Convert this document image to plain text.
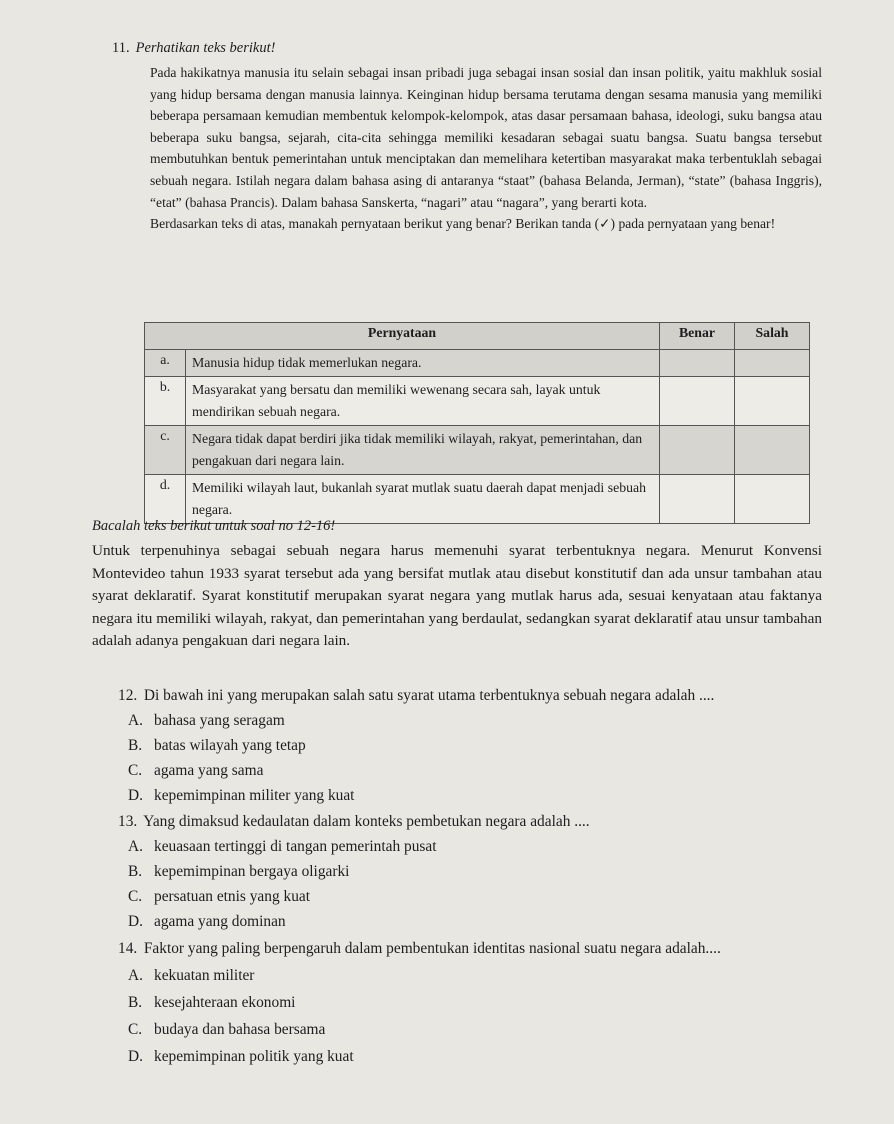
11. Perhatikan teks berikut!

Pada hakikatnya manusia itu selain sebagai insan pribadi juga sebagai insan sosial dan insan politik, yaitu makhluk sosial yang hidup bersama dengan manusia lainnya. Keinginan hidup bersama terutama dengan sesama manusia yang memiliki beberapa persamaan kemudian membentuk kelompok-kelompok, atas dasar persamaan bahasa, ideologi, suku bangsa atau beberapa suku bangsa, sejarah, cita-cita sehingga memiliki kesadaran sebagai suatu bangsa. Suatu bangsa tersebut membutuhkan bentuk pemerintahan untuk menciptakan dan memelihara ketertiban masyarakat maka terbentuklah sebagai sebuah negara. Istilah negara dalam bahasa asing di antaranya “staat” (bahasa Belanda, Jerman), “state” (bahasa Inggris), “etat” (bahasa Prancis). Dalam bahasa Sanskerta, “nagari” atau “nagara”, yang berarti kota.

Berdasarkan teks di atas, manakah pernyataan berikut yang benar? Berikan tanda (✓) pada pernyataan yang benar!

Pernyataan		Benar	Salah
a.	Manusia hidup tidak memerlukan negara.		
b.	Masyarakat yang bersatu dan memiliki wewenang secara sah, layak untuk mendirikan sebuah negara.		
c.	Negara tidak dapat berdiri jika tidak memiliki wilayah, rakyat, pemerintahan, dan pengakuan dari negara lain.		
d.	Memiliki wilayah laut, bukanlah syarat mutlak suatu daerah dapat menjadi sebuah negara.		
Bacalah teks berikut untuk soal no 12-16!

Untuk terpenuhinya sebagai sebuah negara harus memenuhi syarat terbentuknya negara. Menurut Konvensi Montevideo tahun 1933 syarat tersebut ada yang bersifat mutlak atau disebut konstitutif dan ada unsur tambahan atau syarat deklaratif. Syarat konstitutif merupakan syarat negara yang mutlak harus ada, sesuai kenyataan atau faktanya negara itu memiliki wilayah, rakyat, dan pemerintahan yang berdaulat, sedangkan syarat deklaratif atau unsur tambahan adalah adanya pengakuan dari negara lain.

12. Di bawah ini yang merupakan salah satu syarat utama terbentuknya sebuah negara adalah ....
A. bahasa yang seragam
B. batas wilayah yang tetap
C. agama yang sama
D. kepemimpinan militer yang kuat
13. Yang dimaksud kedaulatan dalam konteks pembetukan negara adalah ....
A. keuasaan tertinggi di tangan pemerintah pusat
B. kepemimpinan bergaya oligarki
C. persatuan etnis yang kuat
D. agama yang dominan
14. Faktor yang paling berpengaruh dalam pembentukan identitas nasional suatu negara adalah....
A. kekuatan militer
B. kesejahteraan ekonomi
C. budaya dan bahasa bersama
D. kepemimpinan politik yang kuat
